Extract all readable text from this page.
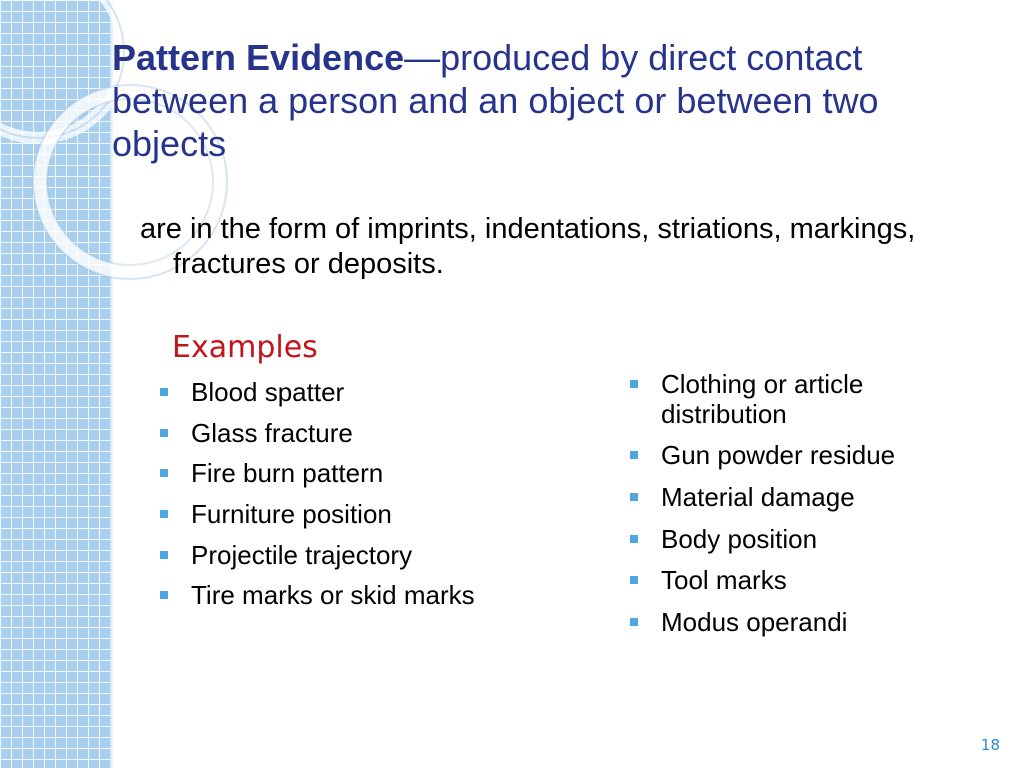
Pattern Evidence—produced by direct contact between a person and an object or between two objects

are in the form of imprints, indentations, striations, markings, fractures or deposits.

Examples
Blood spatter
Glass fracture
Fire burn pattern
Furniture position
Projectile trajectory
Tire marks or skid marks
Clothing or article distribution
Gun powder residue
Material damage
Body position
Tool marks
Modus operandi
18
